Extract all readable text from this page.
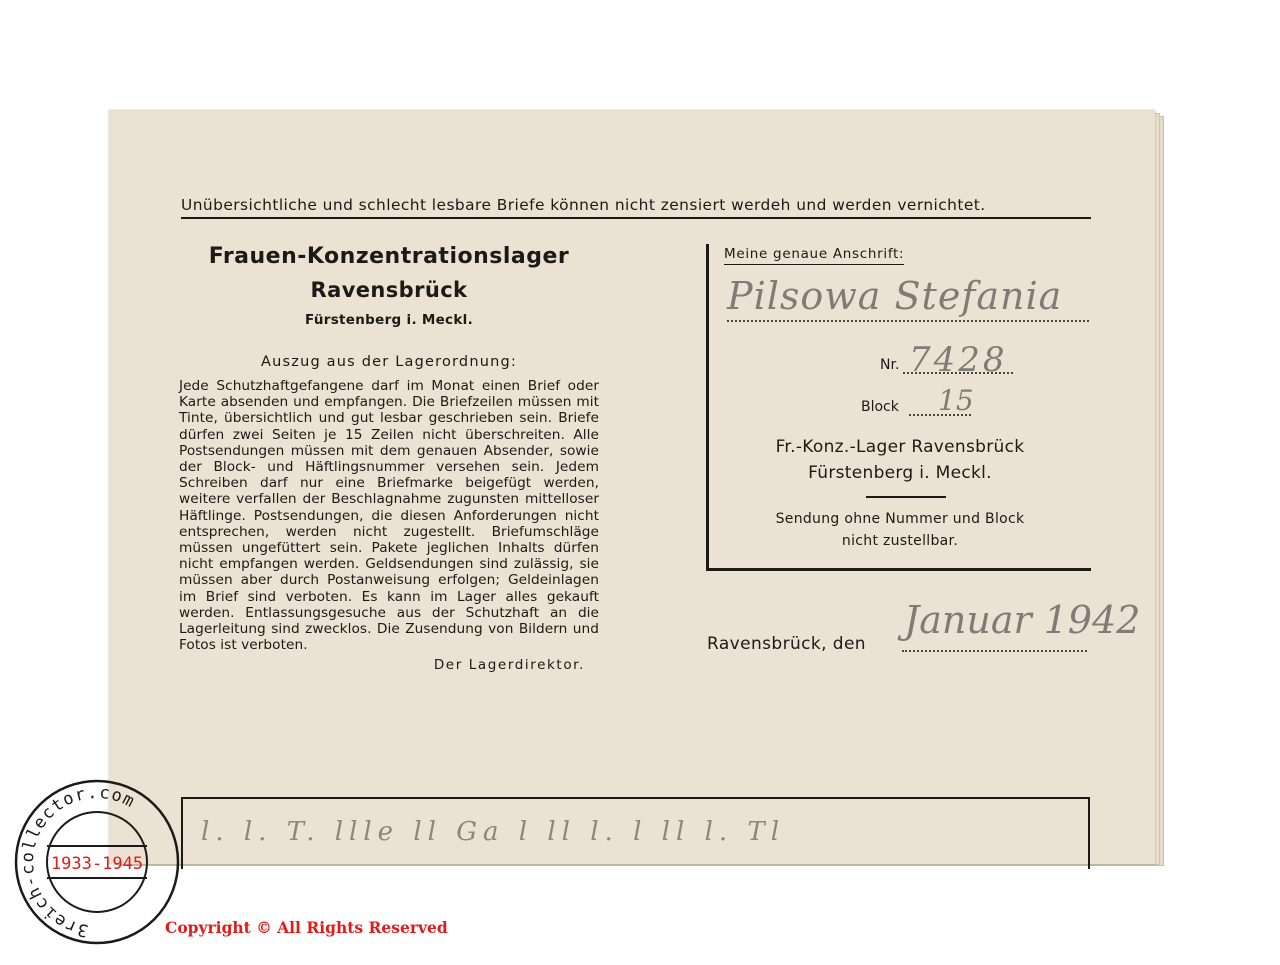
Unübersichtliche und schlecht lesbare Briefe können nicht zensiert werdeh und werden vernichtet.
Frauen-Konzentrationslager
Ravensbrück
Fürstenberg i. Meckl.
Auszug aus der Lagerordnung:
Jede Schutzhaftgefangene darf im Monat einen Brief oder Karte absenden und empfangen. Die Briefzeilen müssen mit Tinte, übersichtlich und gut lesbar geschrieben sein. Briefe dürfen zwei Seiten je 15 Zeilen nicht überschreiten. Alle Postsendungen müssen mit dem genauen Absender, sowie der Block- und Häftlingsnummer versehen sein. Jedem Schreiben darf nur eine Briefmarke beigefügt werden, weitere verfallen der Beschlagnahme zugunsten mittelloser Häftlinge. Postsendungen, die diesen Anforderungen nicht entsprechen, werden nicht zugestellt. Briefumschläge müssen ungefüttert sein. Pakete jeglichen Inhalts dürfen nicht empfangen werden. Geldsendungen sind zulässig, sie müssen aber durch Postanweisung erfolgen; Geldeinlagen im Brief sind verboten. Es kann im Lager alles gekauft werden. Entlassungsgesuche aus der Schutzhaft an die Lagerleitung sind zwecklos. Die Zusendung von Bildern und Fotos ist verboten.
Der Lagerdirektor.
Meine genaue Anschrift:
Pilsowa Stefania
Nr. 7428
Block 15
Fr.-Konz.-Lager Ravensbrück
Fürstenberg i. Meckl.
Sendung ohne Nummer und Block
nicht zustellbar.
Ravensbrück, den
Januar 1942
l. l. T. llle ll Ga l ll l. l ll l. Tl
3reich-collector.com
1933-1945
Copyright © All Rights Reserved
